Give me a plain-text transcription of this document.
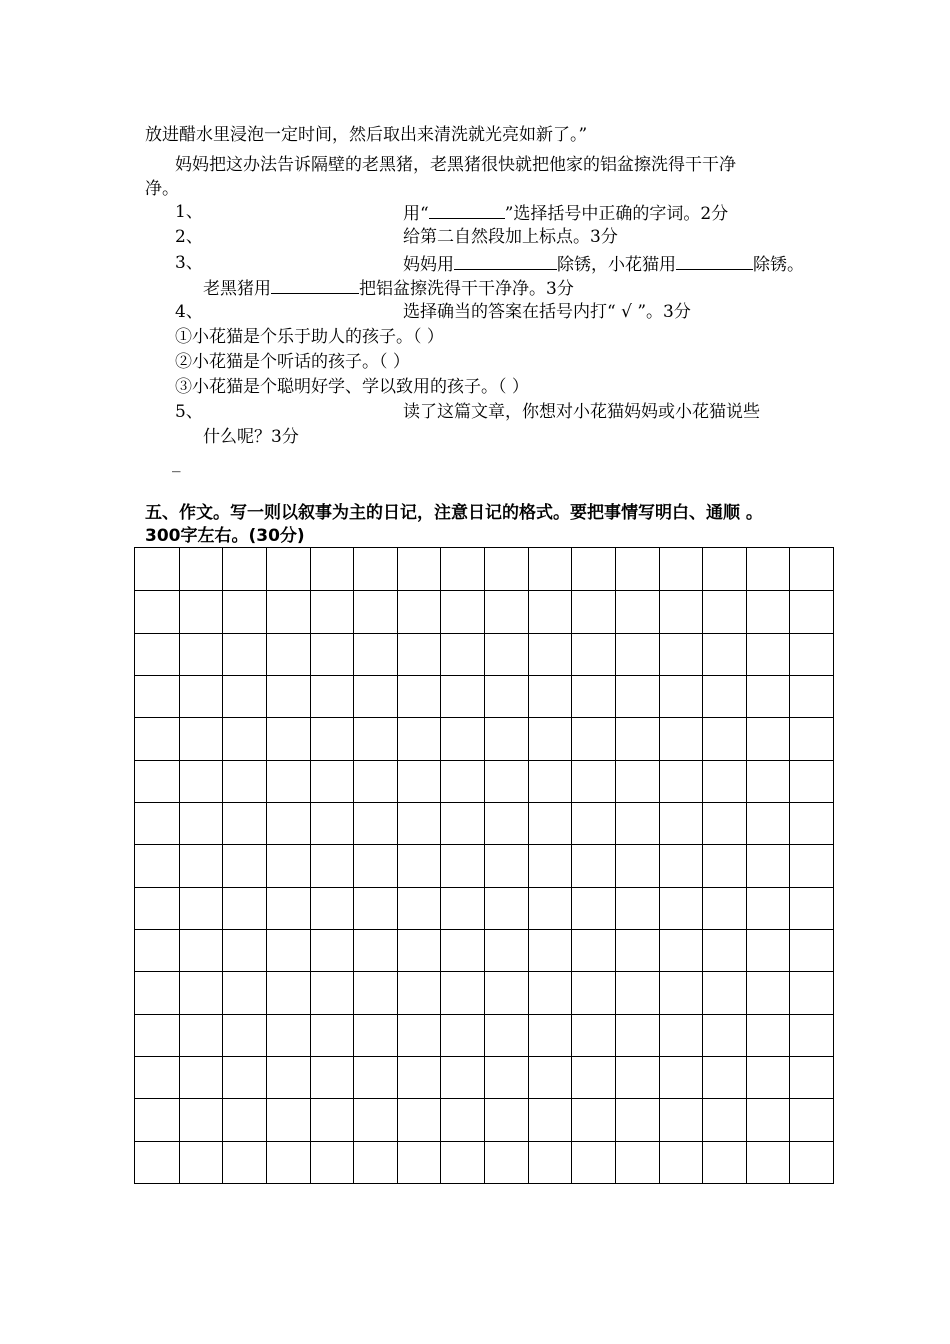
放进醋水里浸泡一定时间，然后取出来清洗就光亮如新了。”
妈妈把这办法告诉隔壁的老黑猪，老黑猪很快就把他家的铝盆擦洗得干干净
净。
1、	用“	”选择括号中正确的字词。2分
2、	给第二自然段加上标点。3分
3、	妈妈用	除锈，小花猫用	除锈。
老黑猪用	把铝盆擦洗得干干净净。3分
4、	选择确当的答案在括号内打“ √ ”。3分
①小花猫是个乐于助人的孩子。（ ）
②小花猫是个听话的孩子。（ ）
③小花猫是个聪明好学、学以致用的孩子。（ ）
5、	读了这篇文章，你想对小花猫妈妈或小花猫说些
什么呢？3分
_
五、作文。写一则以叙事为主的日记，注意日记的格式。要把事情写明白、通顺 。
300字左右。(30分)
